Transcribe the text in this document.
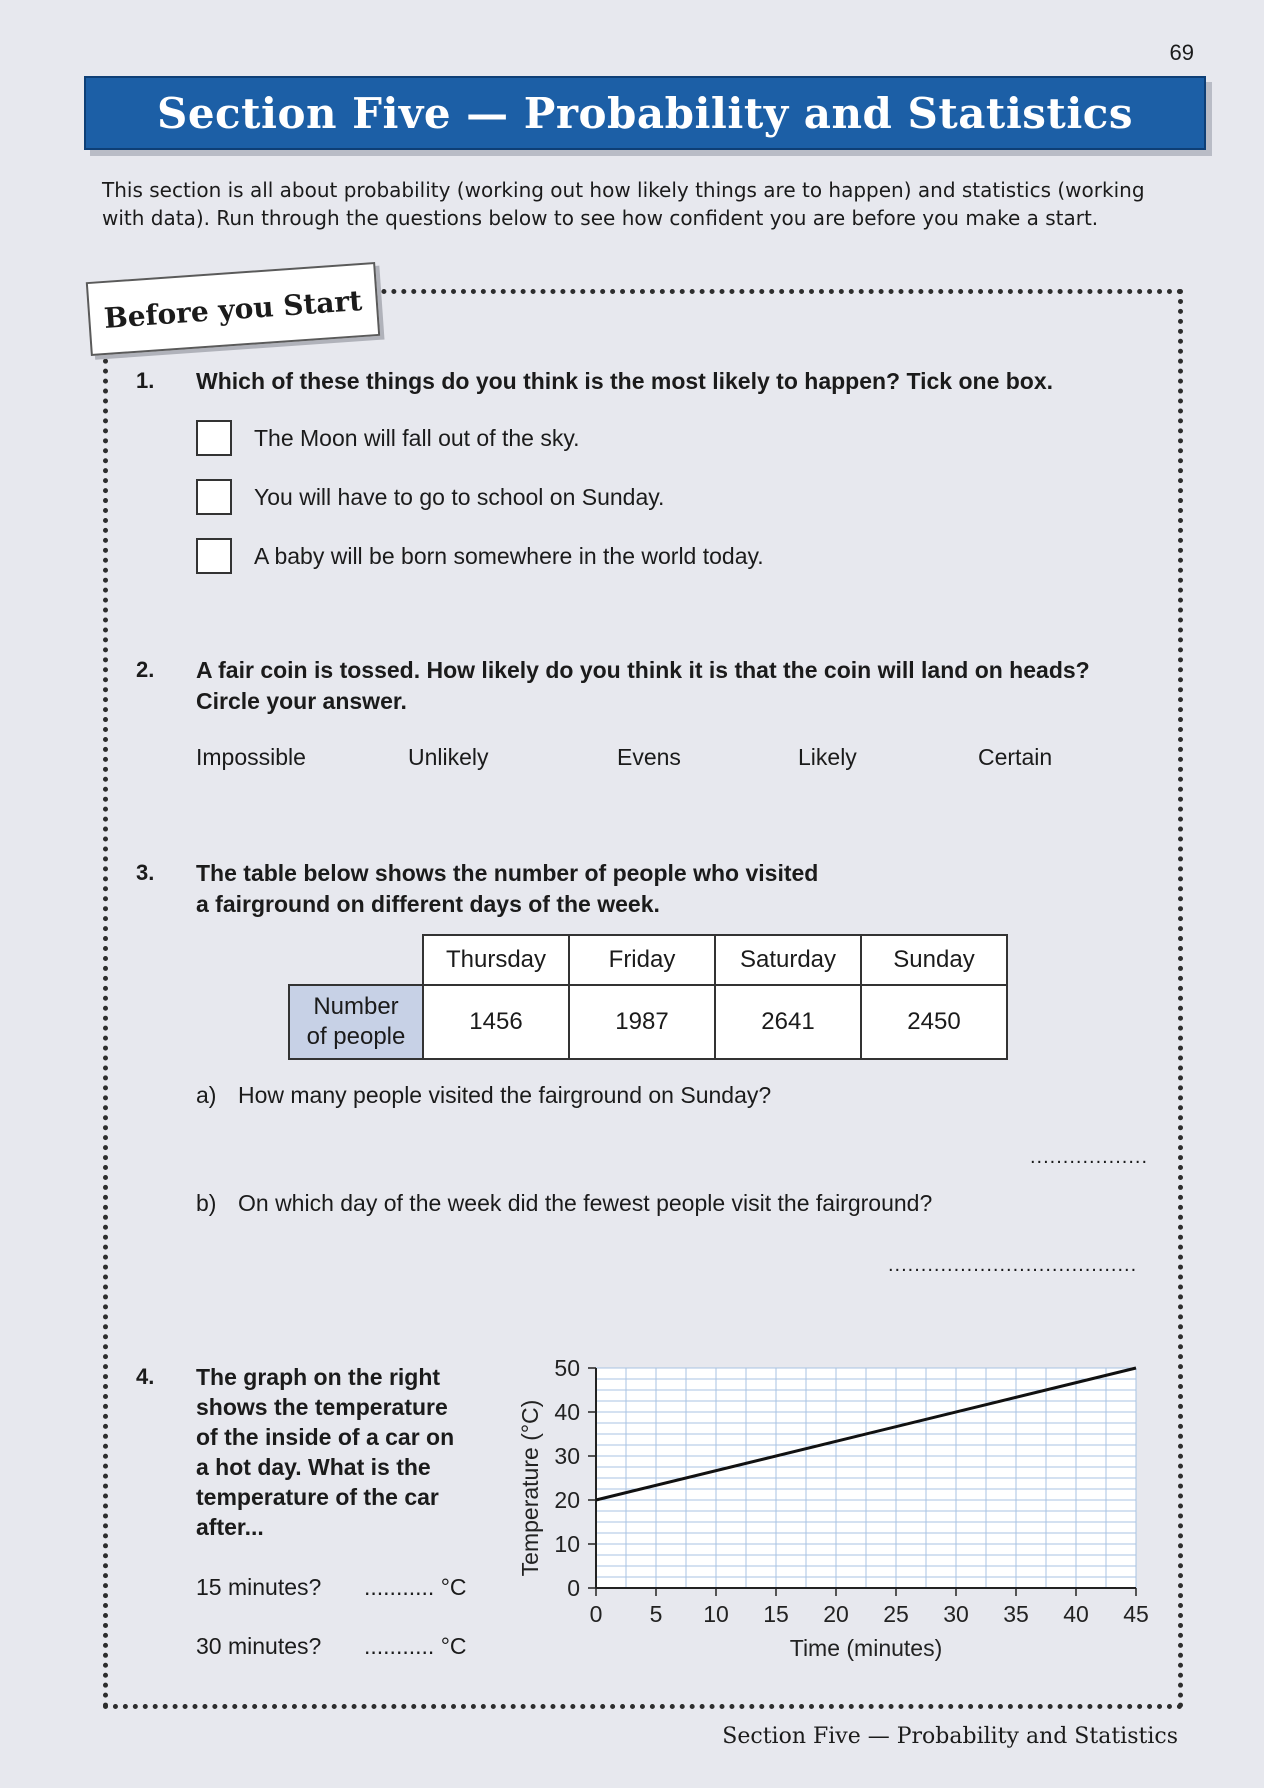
69
Section Five — Probability and Statistics
This section is all about probability (working out how likely things are to happen) and statistics (working with data). Run through the questions below to see how confident you are before you make a start.
Before you Start
1. Which of these things do you think is the most likely to happen? Tick one box.
The Moon will fall out of the sky.
You will have to go to school on Sunday.
A baby will be born somewhere in the world today.
2. A fair coin is tossed. How likely do you think it is that the coin will land on heads?
Circle your answer.
Impossible	Unlikely	Evens	Likely	Certain
3. The table below shows the number of people who visited
a fairground on different days of the week.
	Thursday	Friday	Saturday	Sunday
Number
of people	1456	1987	2641	2450
a) How many people visited the fairground on Sunday?
..................
b) On which day of the week did the fewest people visit the fairground?
......................................
4. The graph on the right
shows the temperature
of the inside of a car on
a hot day. What is the
temperature of the car
after...
15 minutes? ........... °C
30 minutes? ........... °C
0 5 10 15 20 25 30 35 40 45
0
10
20
30
40
50
Time (minutes)
Temperature (°C)
Section Five — Probability and Statistics
